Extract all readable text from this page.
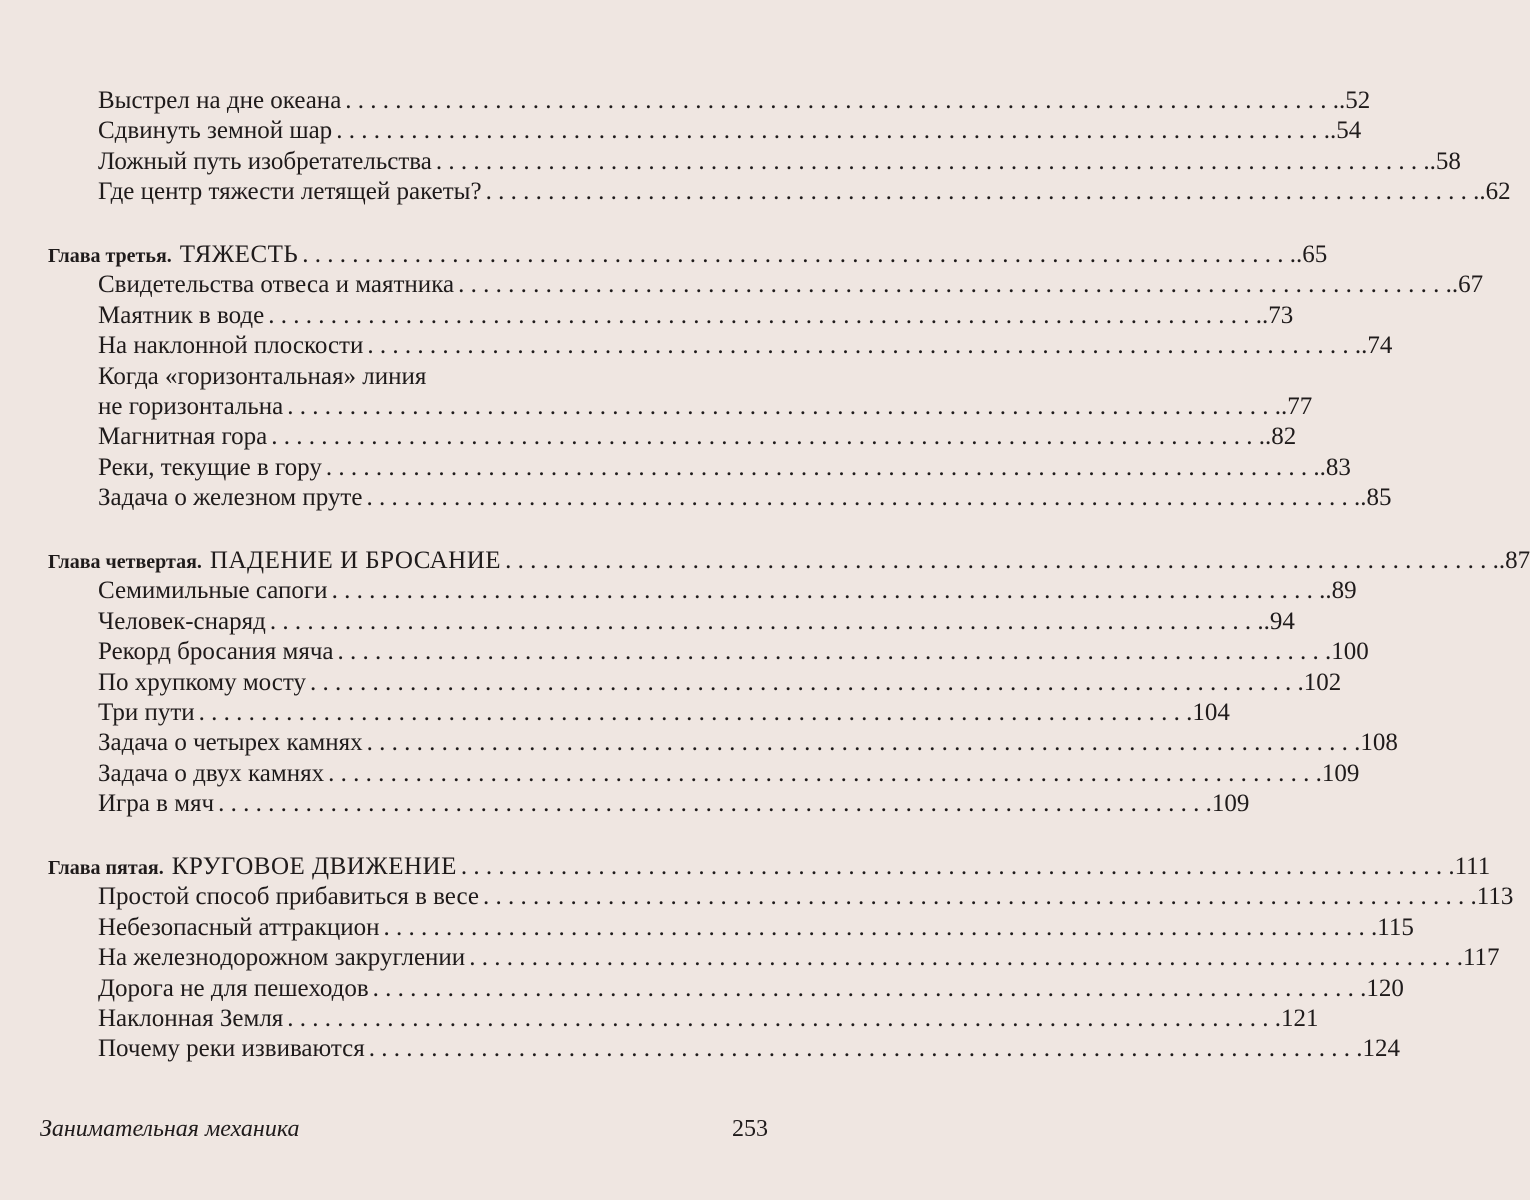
Выстрел на дне океана . . . . . . . . . . . . . . . . . . . . . . . . . . . . . . . . . . . . . . . . . . . . . . . . . . . . . . . . . . . . . . . . . . . . . . . . . . . . . . . . . 52
Сдвинуть земной шар . . . . . . . . . . . . . . . . . . . . . . . . . . . . . . . . . . . . . . . . . . . . . . . . . . . . . . . . . . . . . . . . . . . . . . . . . . . . . . . . . 54
Ложный путь изобретательства . . . . . . . . . . . . . . . . . . . . . . . . . . . . . . . . . . . . . . . . . . . . . . . . . . . . . . . . . . . . . . . . . . . . . . . . . . . . . . . . . 58
Где центр тяжести летящей ракеты? . . . . . . . . . . . . . . . . . . . . . . . . . . . . . . . . . . . . . . . . . . . . . . . . . . . . . . . . . . . . . . . . . . . . . . . . . . . . . . . . . 62
Глава третья. ТЯЖЕСТЬ . . . . . . . . . . . . . . . . . . . . . . . . . . . . . . . . . . . . . . . . . . . . . . . . . . . . . . . . . . . . . . . . . . . . . . . . . . . . . . . . . 65
Свидетельства отвеса и маятника . . . . . . . . . . . . . . . . . . . . . . . . . . . . . . . . . . . . . . . . . . . . . . . . . . . . . . . . . . . . . . . . . . . . . . . . . . . . . . . . . 67
Маятник в воде . . . . . . . . . . . . . . . . . . . . . . . . . . . . . . . . . . . . . . . . . . . . . . . . . . . . . . . . . . . . . . . . . . . . . . . . . . . . . . . . . 73
На наклонной плоскости . . . . . . . . . . . . . . . . . . . . . . . . . . . . . . . . . . . . . . . . . . . . . . . . . . . . . . . . . . . . . . . . . . . . . . . . . . . . . . . . . 74
Когда «горизонтальная» линия
не горизонтальна . . . . . . . . . . . . . . . . . . . . . . . . . . . . . . . . . . . . . . . . . . . . . . . . . . . . . . . . . . . . . . . . . . . . . . . . . . . . . . . . . 77
Магнитная гора . . . . . . . . . . . . . . . . . . . . . . . . . . . . . . . . . . . . . . . . . . . . . . . . . . . . . . . . . . . . . . . . . . . . . . . . . . . . . . . . . 82
Реки, текущие в гору . . . . . . . . . . . . . . . . . . . . . . . . . . . . . . . . . . . . . . . . . . . . . . . . . . . . . . . . . . . . . . . . . . . . . . . . . . . . . . . . . 83
Задача о железном пруте . . . . . . . . . . . . . . . . . . . . . . . . . . . . . . . . . . . . . . . . . . . . . . . . . . . . . . . . . . . . . . . . . . . . . . . . . . . . . . . . . 85
Глава четвертая. ПАДЕНИЕ И БРОСАНИЕ . . . . . . . . . . . . . . . . . . . . . . . . . . . . . . . . . . . . . . . . . . . . . . . . . . . . . . . . . . . . . . . . . . . . . . . . . . . . . . . . . 87
Семимильные сапоги . . . . . . . . . . . . . . . . . . . . . . . . . . . . . . . . . . . . . . . . . . . . . . . . . . . . . . . . . . . . . . . . . . . . . . . . . . . . . . . . . 89
Человек-снаряд . . . . . . . . . . . . . . . . . . . . . . . . . . . . . . . . . . . . . . . . . . . . . . . . . . . . . . . . . . . . . . . . . . . . . . . . . . . . . . . . . 94
Рекорд бросания мяча . . . . . . . . . . . . . . . . . . . . . . . . . . . . . . . . . . . . . . . . . . . . . . . . . . . . . . . . . . . . . . . . . . . . . . . . . . . . . . . . 100
По хрупкому мосту . . . . . . . . . . . . . . . . . . . . . . . . . . . . . . . . . . . . . . . . . . . . . . . . . . . . . . . . . . . . . . . . . . . . . . . . . . . . . . . . 102
Три пути . . . . . . . . . . . . . . . . . . . . . . . . . . . . . . . . . . . . . . . . . . . . . . . . . . . . . . . . . . . . . . . . . . . . . . . . . . . . . . . . 104
Задача о четырех камнях . . . . . . . . . . . . . . . . . . . . . . . . . . . . . . . . . . . . . . . . . . . . . . . . . . . . . . . . . . . . . . . . . . . . . . . . . . . . . . . . 108
Задача о двух камнях . . . . . . . . . . . . . . . . . . . . . . . . . . . . . . . . . . . . . . . . . . . . . . . . . . . . . . . . . . . . . . . . . . . . . . . . . . . . . . . . 109
Игра в мяч . . . . . . . . . . . . . . . . . . . . . . . . . . . . . . . . . . . . . . . . . . . . . . . . . . . . . . . . . . . . . . . . . . . . . . . . . . . . . . . . 109
Глава пятая. КРУГОВОЕ ДВИЖЕНИЕ . . . . . . . . . . . . . . . . . . . . . . . . . . . . . . . . . . . . . . . . . . . . . . . . . . . . . . . . . . . . . . . . . . . . . . . . . . . . . . . . 111
Простой способ прибавиться в весе . . . . . . . . . . . . . . . . . . . . . . . . . . . . . . . . . . . . . . . . . . . . . . . . . . . . . . . . . . . . . . . . . . . . . . . . . . . . . . . . 113
Небезопасный аттракцион . . . . . . . . . . . . . . . . . . . . . . . . . . . . . . . . . . . . . . . . . . . . . . . . . . . . . . . . . . . . . . . . . . . . . . . . . . . . . . . . 115
На железнодорожном закруглении . . . . . . . . . . . . . . . . . . . . . . . . . . . . . . . . . . . . . . . . . . . . . . . . . . . . . . . . . . . . . . . . . . . . . . . . . . . . . . . . 117
Дорога не для пешеходов . . . . . . . . . . . . . . . . . . . . . . . . . . . . . . . . . . . . . . . . . . . . . . . . . . . . . . . . . . . . . . . . . . . . . . . . . . . . . . . . 120
Наклонная Земля . . . . . . . . . . . . . . . . . . . . . . . . . . . . . . . . . . . . . . . . . . . . . . . . . . . . . . . . . . . . . . . . . . . . . . . . . . . . . . . . 121
Почему реки извиваются . . . . . . . . . . . . . . . . . . . . . . . . . . . . . . . . . . . . . . . . . . . . . . . . . . . . . . . . . . . . . . . . . . . . . . . . . . . . . . . . 124
Занимательная механика	253
